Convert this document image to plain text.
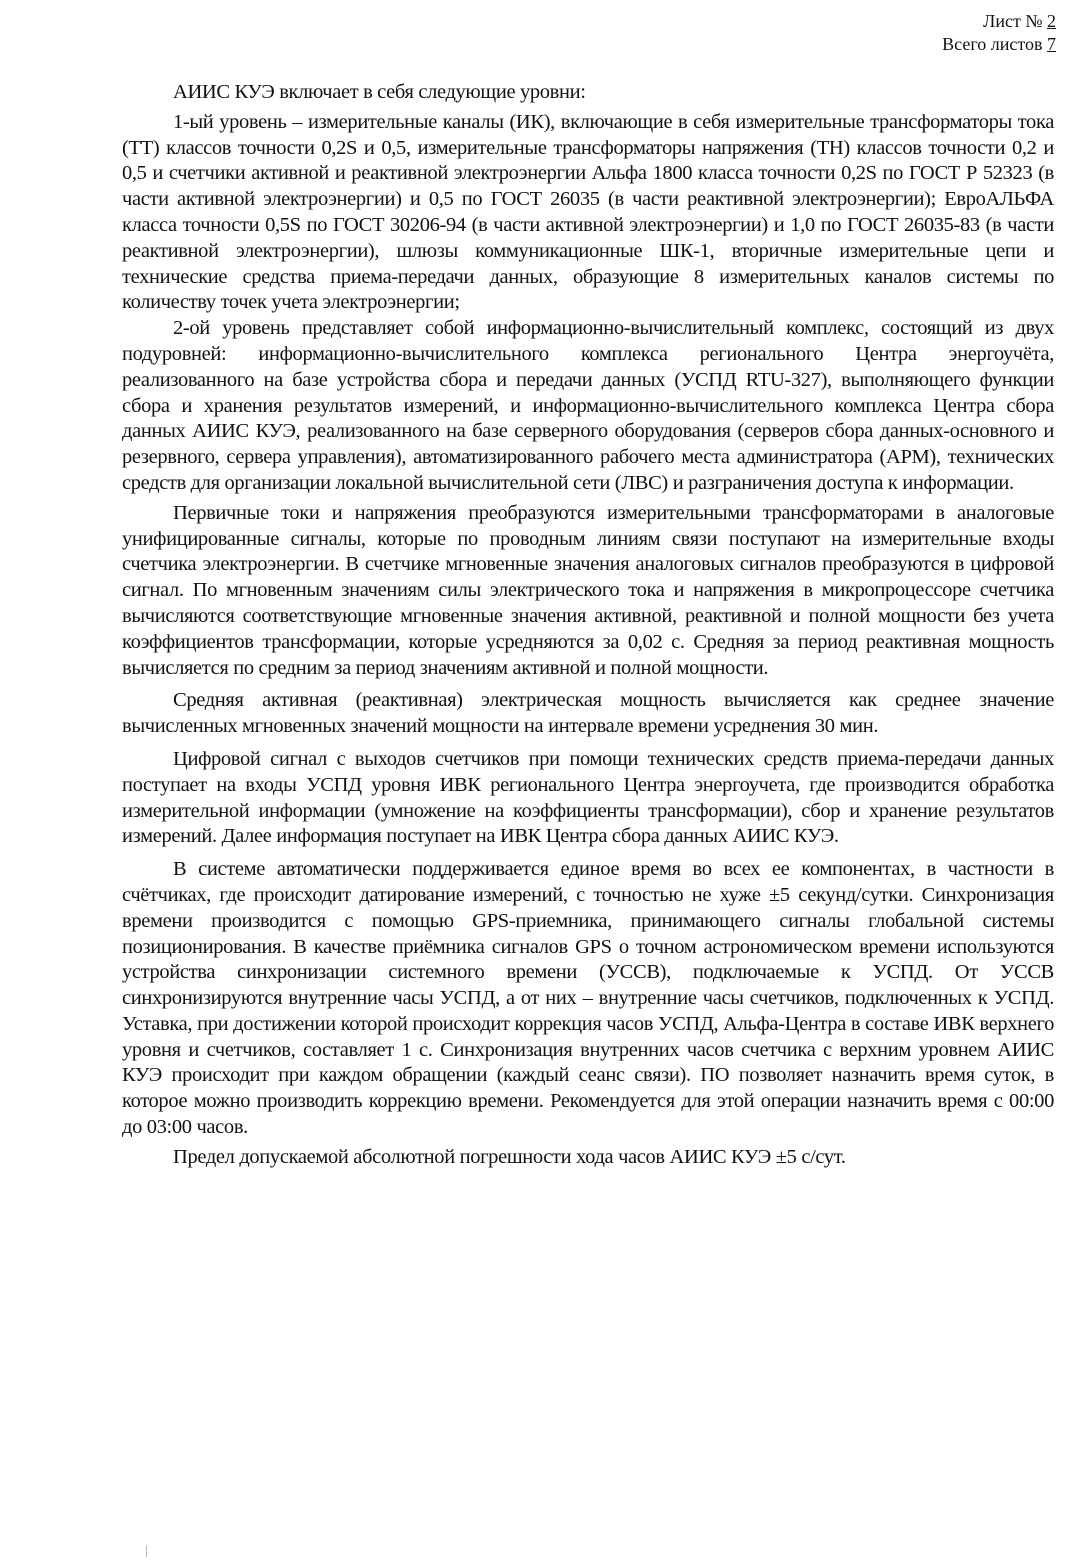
Лист № 2
Всего листов 7

АИИС КУЭ включает в себя следующие уровни:

1-ый уровень – измерительные каналы (ИК), включающие в себя измерительные трансформаторы тока (ТТ) классов точности 0,2S и 0,5, измерительные трансформаторы напряжения (ТН) классов точности 0,2 и 0,5 и счетчики активной и реактивной электроэнергии Альфа 1800 класса точности 0,2S по ГОСТ Р 52323 (в части активной электроэнергии) и 0,5 по ГОСТ 26035 (в части реактивной электроэнергии); ЕвроАЛЬФА класса точности 0,5S по ГОСТ 30206-94 (в части активной электроэнергии) и 1,0 по ГОСТ 26035-83 (в части реактивной электроэнергии), шлюзы коммуникационные ШК-1, вторичные измерительные цепи и технические средства приема-передачи данных, образующие 8 измерительных каналов системы по количеству точек учета электроэнергии;

2-ой уровень представляет собой информационно-вычислительный комплекс, состоящий из двух подуровней: информационно-вычислительного комплекса регионального Центра энергоучёта, реализованного на базе устройства сбора и передачи данных (УСПД RTU-327), выполняющего функции сбора и хранения результатов измерений, и информационно-вычислительного комплекса Центра сбора данных АИИС КУЭ, реализованного на базе серверного оборудования (серверов сбора данных-основного и резервного, сервера управления), автоматизированного рабочего места администратора (АРМ), технических средств для организации локальной вычислительной сети (ЛВС) и разграничения доступа к информации.

Первичные токи и напряжения преобразуются измерительными трансформаторами в аналоговые унифицированные сигналы, которые по проводным линиям связи поступают на измерительные входы счетчика электроэнергии. В счетчике мгновенные значения аналоговых сигналов преобразуются в цифровой сигнал. По мгновенным значениям силы электрического тока и напряжения в микропроцессоре счетчика вычисляются соответствующие мгновенные значения активной, реактивной и полной мощности без учета коэффициентов трансформации, которые усредняются за 0,02 с. Средняя за период реактивная мощность вычисляется по средним за период значениям активной и полной мощности.

Средняя активная (реактивная) электрическая мощность вычисляется как среднее значение вычисленных мгновенных значений мощности на интервале времени усреднения 30 мин.

Цифровой сигнал с выходов счетчиков при помощи технических средств приема-передачи данных поступает на входы УСПД уровня ИВК регионального Центра энергоучета, где производится обработка измерительной информации (умножение на коэффициенты трансформации), сбор и хранение результатов измерений. Далее информация поступает на ИВК Центра сбора данных АИИС КУЭ.

В системе автоматически поддерживается единое время во всех ее компонентах, в частности в счётчиках, где происходит датирование измерений, с точностью не хуже ±5 секунд/сутки. Синхронизация времени производится с помощью GPS-приемника, принимающего сигналы глобальной системы позиционирования. В качестве приёмника сигналов GPS о точном астрономическом времени используются устройства синхронизации системного времени (УССВ), подключаемые к УСПД. От УССВ синхронизируются внутренние часы УСПД, а от них – внутренние часы счетчиков, подключенных к УСПД. Уставка, при достижении которой происходит коррекция часов УСПД, Альфа-Центра в составе ИВК верхнего уровня и счетчиков, составляет 1 с. Синхронизация внутренних часов счетчика с верхним уровнем АИИС КУЭ происходит при каждом обращении (каждый сеанс связи). ПО позволяет назначить время суток, в которое можно производить коррекцию времени. Рекомендуется для этой операции назначить время с 00:00 до 03:00 часов.

Предел допускаемой абсолютной погрешности хода часов АИИС КУЭ ±5 с/сут.
